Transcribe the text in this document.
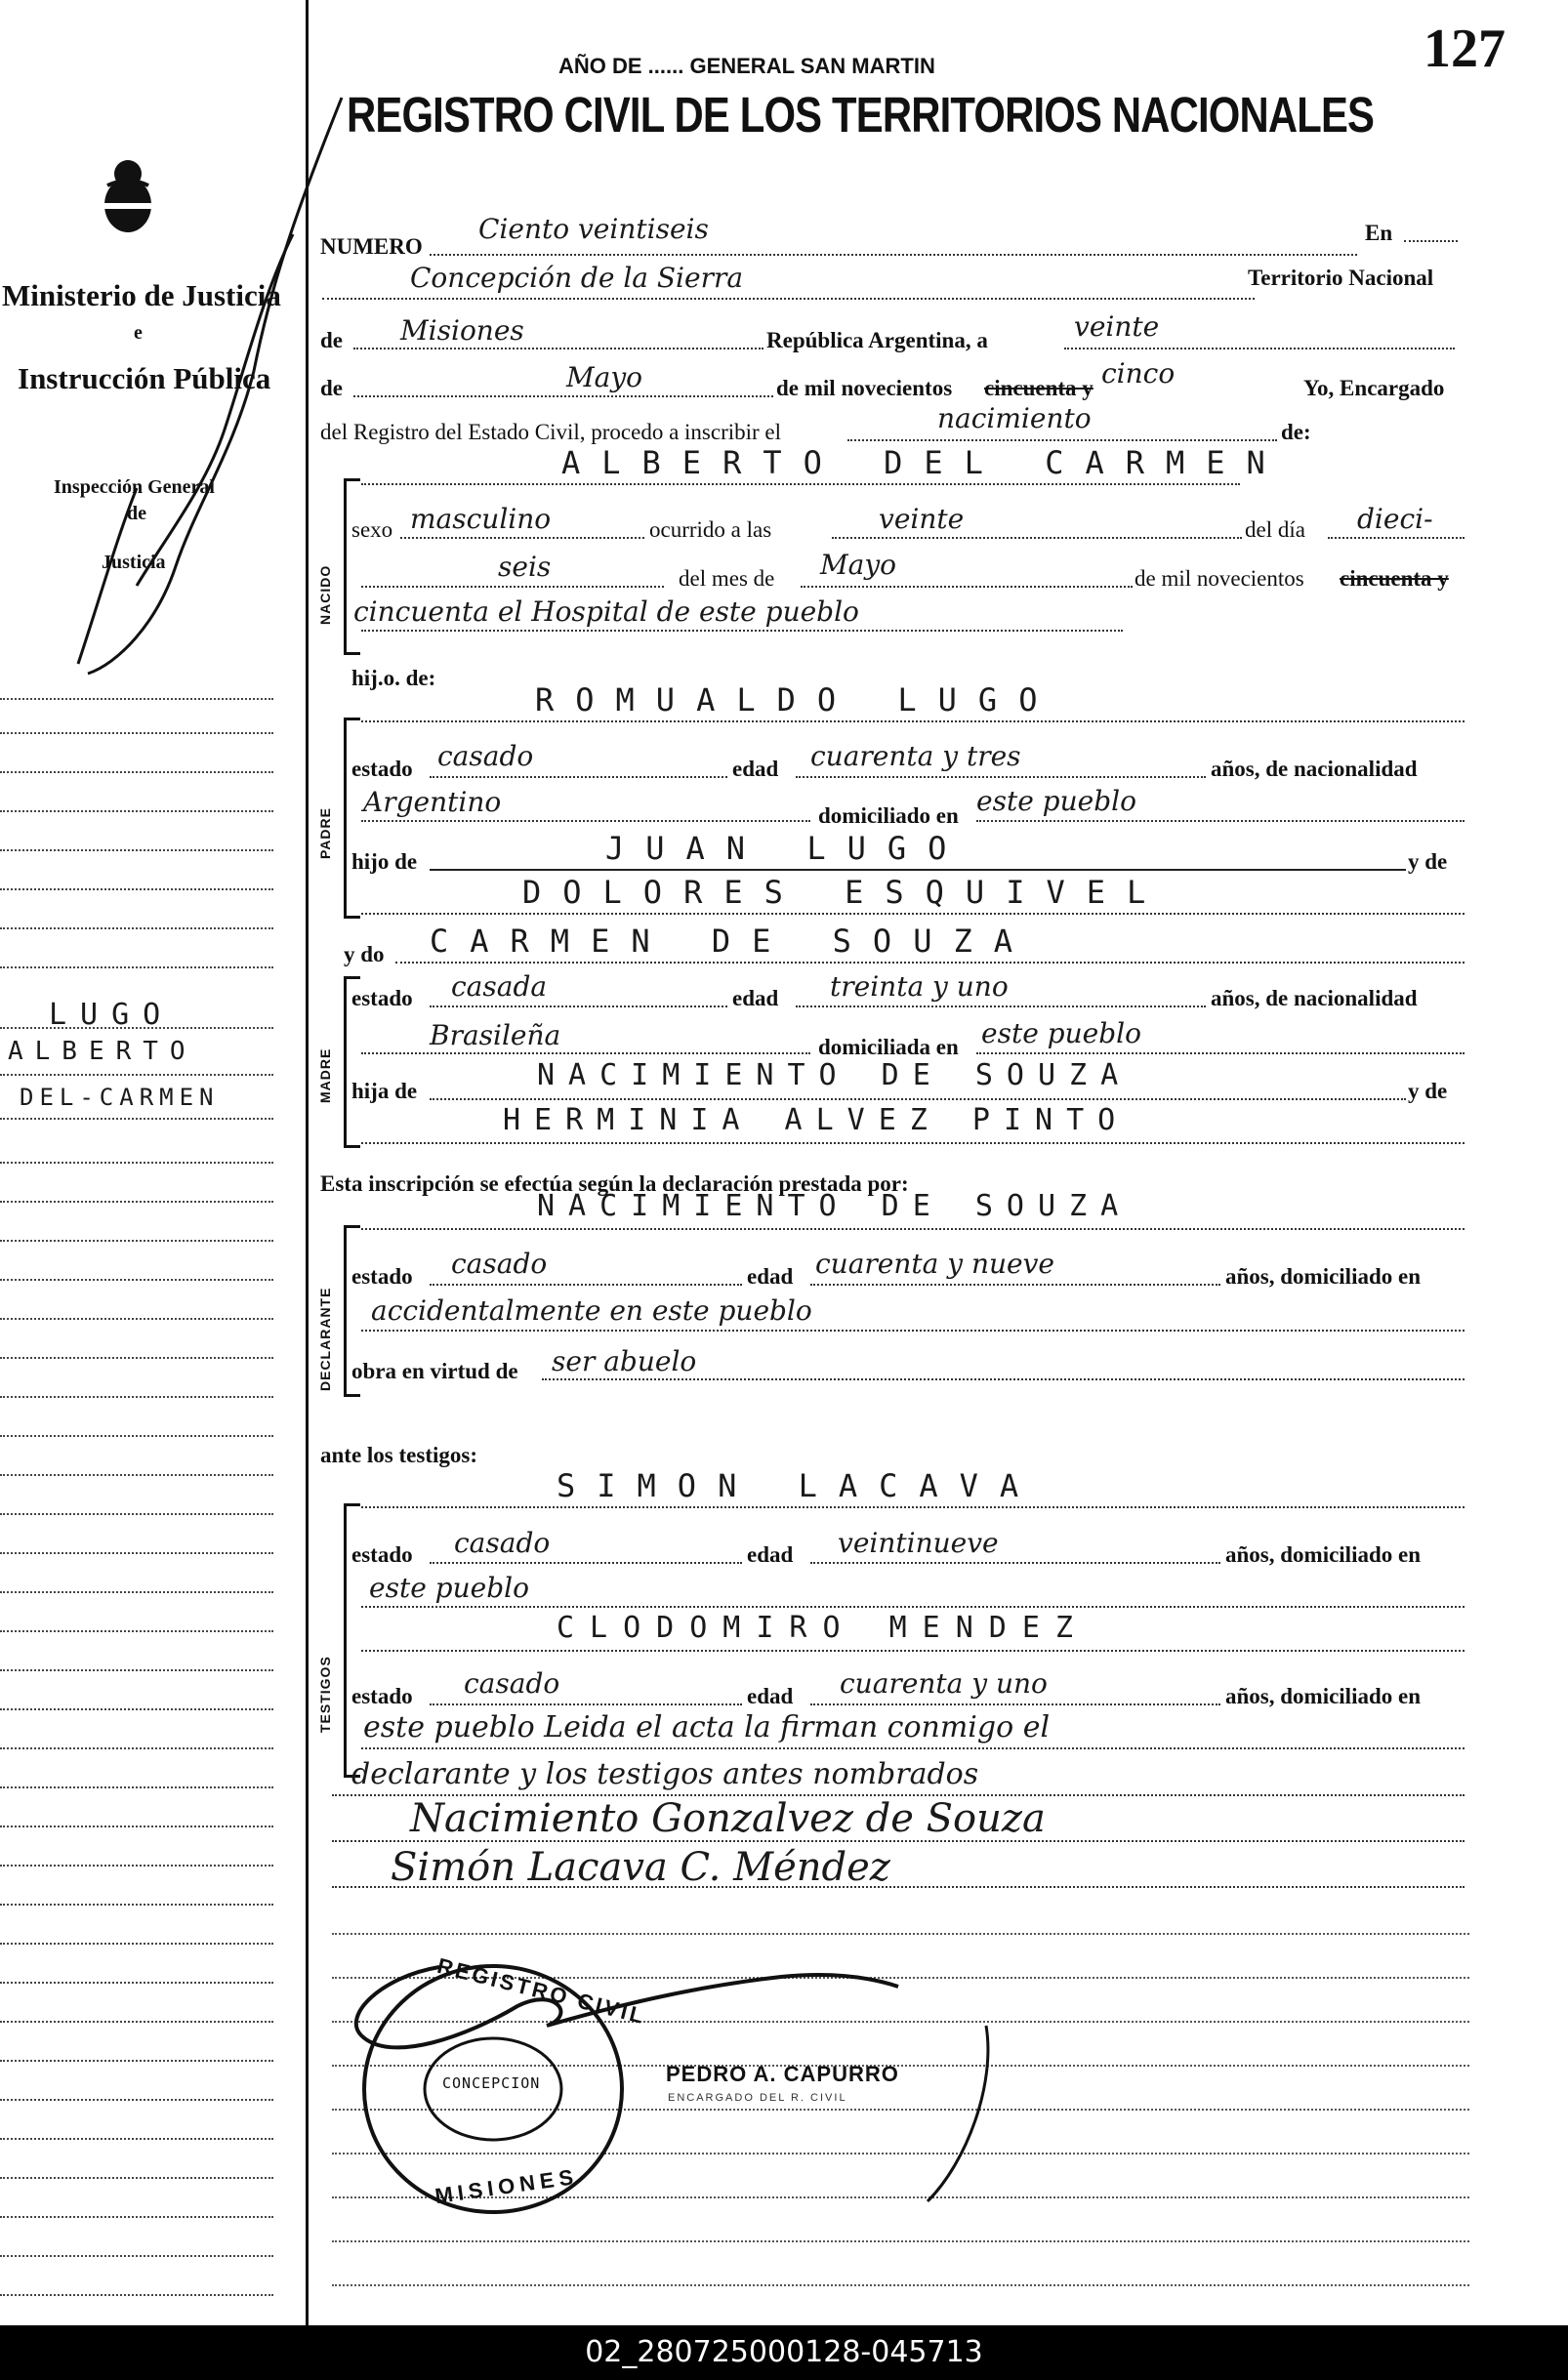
127
AÑO DE ...... GENERAL SAN MARTIN
REGISTRO CIVIL DE LOS TERRITORIOS NACIONALES
Ministerio de Justicia
e
Instrucción Pública
Inspección General
de
Justicia
LUGO
ALBERTO
DEL-CARMEN
NUMERO
Ciento veintiseis	En
Concepción de la Sierra	Territorio Nacional
de Misiones	República Argentina, a	veinte
de	Mayo	de mil novecientos cincuenta y cinco	Yo, Encargado
del Registro del Estado Civil, procedo a inscribir el	nacimiento	de:
NACIDO
ALBERTO DEL CARMEN
sexo masculino	ocurrido a las	veinte	del día dieci-
seis	del mes de Mayo	de mil novecientos cincuenta y
cincuenta el Hospital de este pueblo
hij.o. de:
PADRE
ROMUALDO LUGO
estado casado	edad cuarenta y tres	años, de nacionalidad
Argentino	domiciliado en este pueblo
hijo de	JUAN LUGO	y de
DOLORES ESQUIVEL
y do CARMEN DE SOUZA
MADRE
estado casada	edad treinta y uno	años, de nacionalidad
Brasileña	domiciliada en este pueblo
hija de	NACIMIENTO DE SOUZA	y de
HERMINIA ALVEZ PINTO
Esta inscripción se efectúa según la declaración prestada por:
DECLARANTE
NACIMIENTO DE SOUZA
estado casado	edad cuarenta y nueve	años, domiciliado en
accidentalmente en este pueblo
obra en virtud de ser abuelo
ante los testigos:
TESTIGOS
SIMON LACAVA
estado casado	edad veintinueve	años, domiciliado en
este pueblo
CLODOMIRO MENDEZ
estado casado	edad cuarenta y uno	años, domiciliado en
este pueblo Leida el acta la firman conmigo el
declarante y los testigos antes nombrados
Nacimiento Gonzalvez de Souza
Simón Lacava C. Méndez
PEDRO A. CAPURRO
ENCARGADO DEL R. CIVIL
REGISTRO CIVIL
CONCEPCION
MISIONES
02_280725000128-045713
